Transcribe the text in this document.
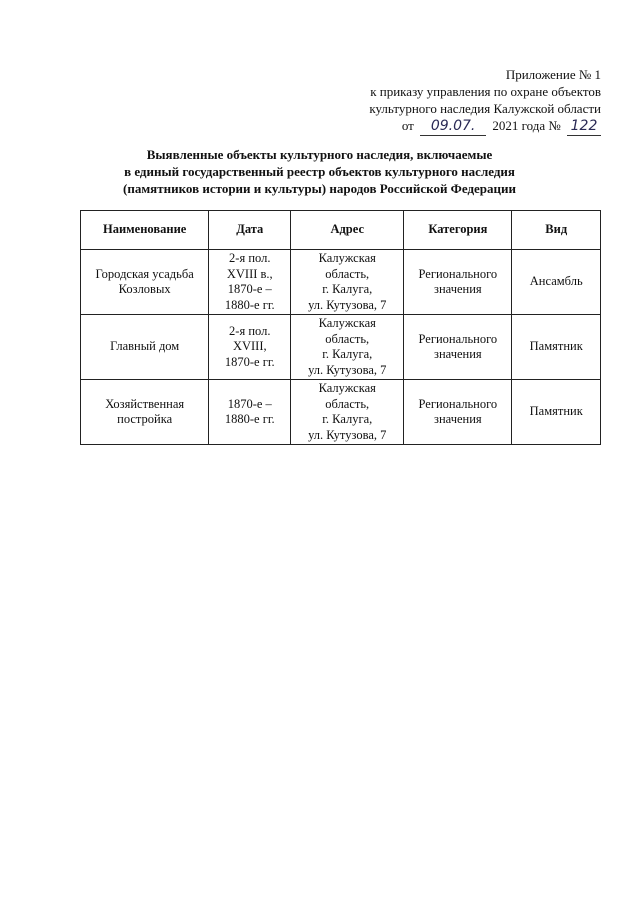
Приложение № 1
к приказу управления по охране объектов
культурного наследия Калужской области
от 09.07. 2021 года № 122
Выявленные объекты культурного наследия, включаемые
в единый государственный реестр объектов культурного наследия
(памятников истории и культуры) народов Российской Федерации
Наименование	Дата	Адрес	Категория	Вид

Городская усадьба
Козловых	2-я пол.
XVIII в.,
1870-е –
1880-е гг.	Калужская
область,
г. Калуга,
ул. Кутузова, 7	Регионального
значения	Ансамбль

Главный дом	2-я пол.
XVIII,
1870-е гг.	Калужская
область,
г. Калуга,
ул. Кутузова, 7	Регионального
значения	Памятник

Хозяйственная
постройка	1870-е –
1880-е гг.	Калужская
область,
г. Калуга,
ул. Кутузова, 7	Регионального
значения	Памятник
